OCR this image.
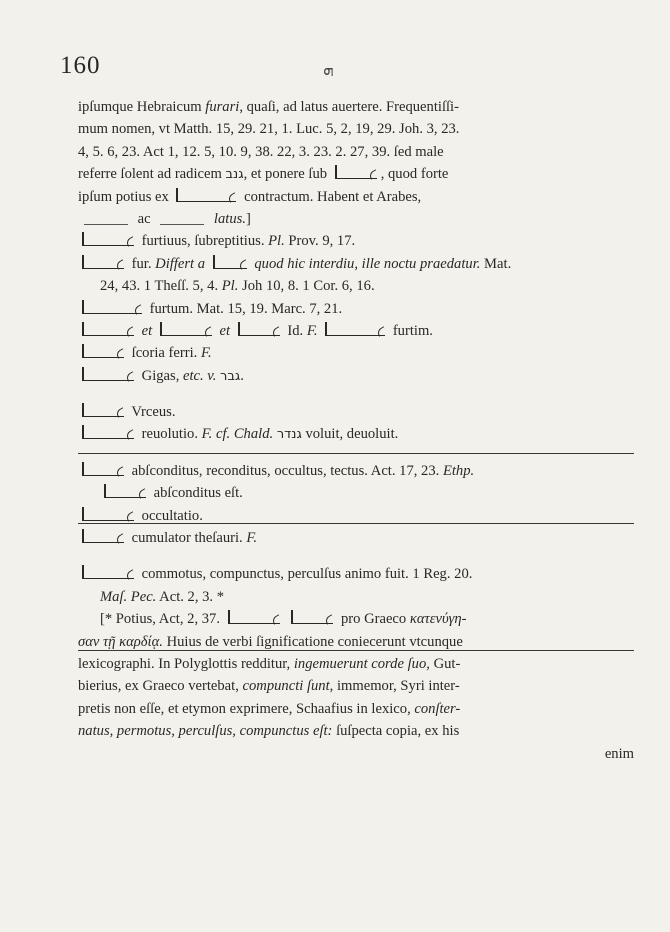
160	ܗ
ipſumque Hebraicum furari, quaſi, ad latus auertere. Frequentiſſi-
mum nomen, vt Matth. 15, 29. 21, 1. Luc. 5, 2, 19, 29. Joh. 3, 23.
4, 5. 6, 23. Act 1, 12. 5, 10. 9, 38. 22, 3. 23. 2. 27, 39. ſed male
referre ſolent ad radicem גנב, et ponere ſub	, quod forte
ipſum potius ex	contractum. Habent et Arabes,
ac	latus.]
furtiuus, ſubreptitius. Pl. Prov. 9, 17.
fur. Differt a	quod hic interdiu, ille noctu praedatur. Mat.
24, 43. 1 Theſſ. 5, 4. Pl. Joh 10, 8. 1 Cor. 6, 16.
furtum. Mat. 15, 19. Marc. 7, 21.
et	et	Id. F.	furtim.
ſcoria ferri. F.
Gigas, etc. v. גבר.
Vrceus.
reuolutio. F. cf. Chald. גנדר voluit, deuoluit.
abſconditus, reconditus, occultus, tectus. Act. 17, 23. Ethp.
abſconditus eſt.
occultatio.
cumulator theſauri. F.
commotus, compunctus, perculſus animo fuit. 1 Reg. 20.
Maſ. Pec. Act. 2, 3. *
[* Potius, Act, 2, 37.	pro Graeco κατενύγη-
σαν τῇ καρδίᾳ. Huius de verbi ſignificatione coniecerunt vtcunque
lexicographi. In Polyglottis redditur, ingemuerunt corde ſuo, Gut-
bierius, ex Graeco vertebat, compuncti ſunt, immemor, Syri inter-
pretis non eſſe, et etymon exprimere, Schaafius in lexico, conſter-
natus, permotus, perculſus, compunctus eſt: ſuſpecta copia, ex his
enim
